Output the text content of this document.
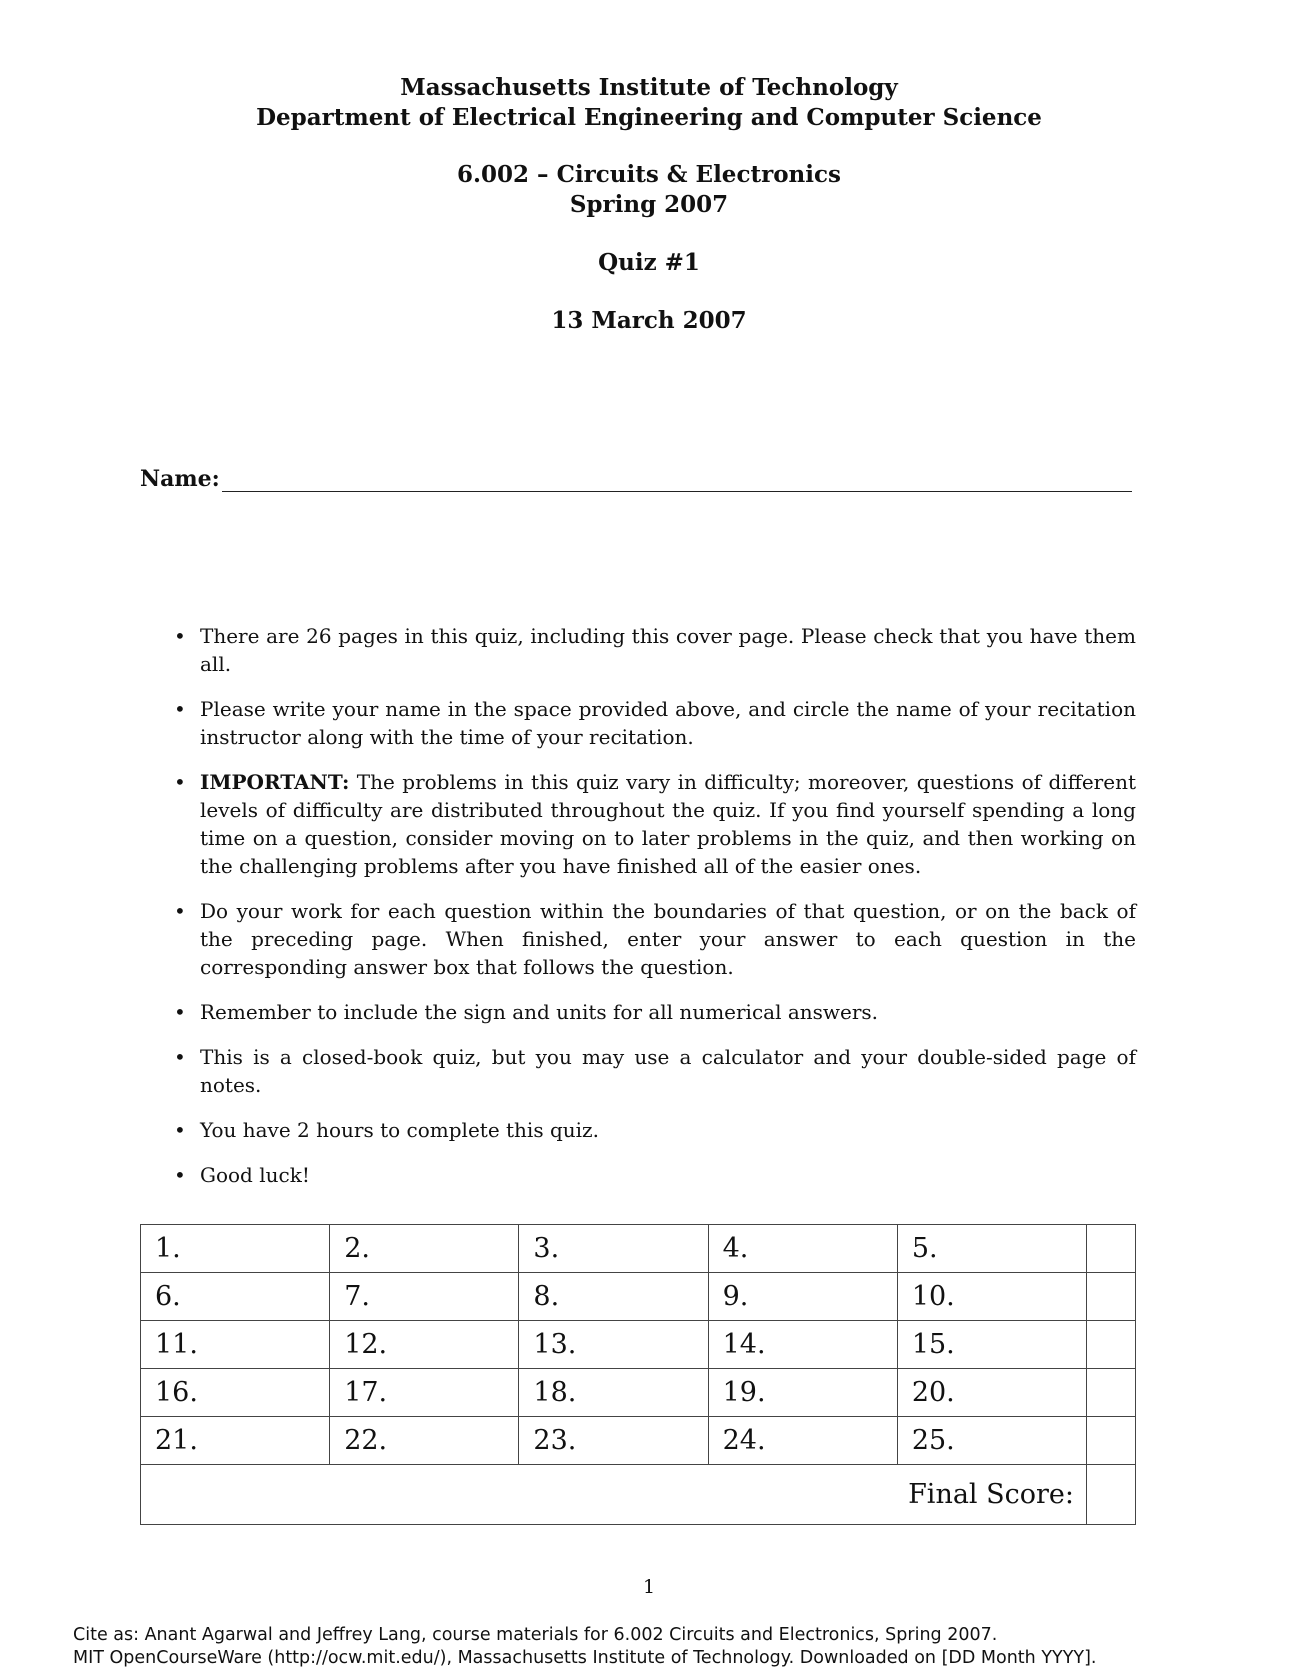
Massachusetts Institute of Technology
Department of Electrical Engineering and Computer Science
6.002 – Circuits & Electronics
Spring 2007
Quiz #1
13 March 2007
Name:
• There are 26 pages in this quiz, including this cover page. Please check that you have them all.
• Please write your name in the space provided above, and circle the name of your recitation instructor along with the time of your recitation.
• IMPORTANT: The problems in this quiz vary in difficulty; moreover, questions of different levels of difficulty are distributed throughout the quiz. If you find yourself spending a long time on a question, consider moving on to later problems in the quiz, and then working on the challenging problems after you have finished all of the easier ones.
• Do your work for each question within the boundaries of that question, or on the back of the preceding page. When finished, enter your answer to each question in the corresponding answer box that follows the question.
• Remember to include the sign and units for all numerical answers.
• This is a closed-book quiz, but you may use a calculator and your double-sided page of notes.
• You have 2 hours to complete this quiz.
• Good luck!
1.	2.	3.	4.	5.	
6.	7.	8.	9.	10.	
11.	12.	13.	14.	15.	
16.	17.	18.	19.	20.	
21.	22.	23.	24.	25.	
Final Score:					
1
Cite as: Anant Agarwal and Jeffrey Lang, course materials for 6.002 Circuits and Electronics, Spring 2007.
MIT OpenCourseWare (http://ocw.mit.edu/), Massachusetts Institute of Technology. Downloaded on [DD Month YYYY].
